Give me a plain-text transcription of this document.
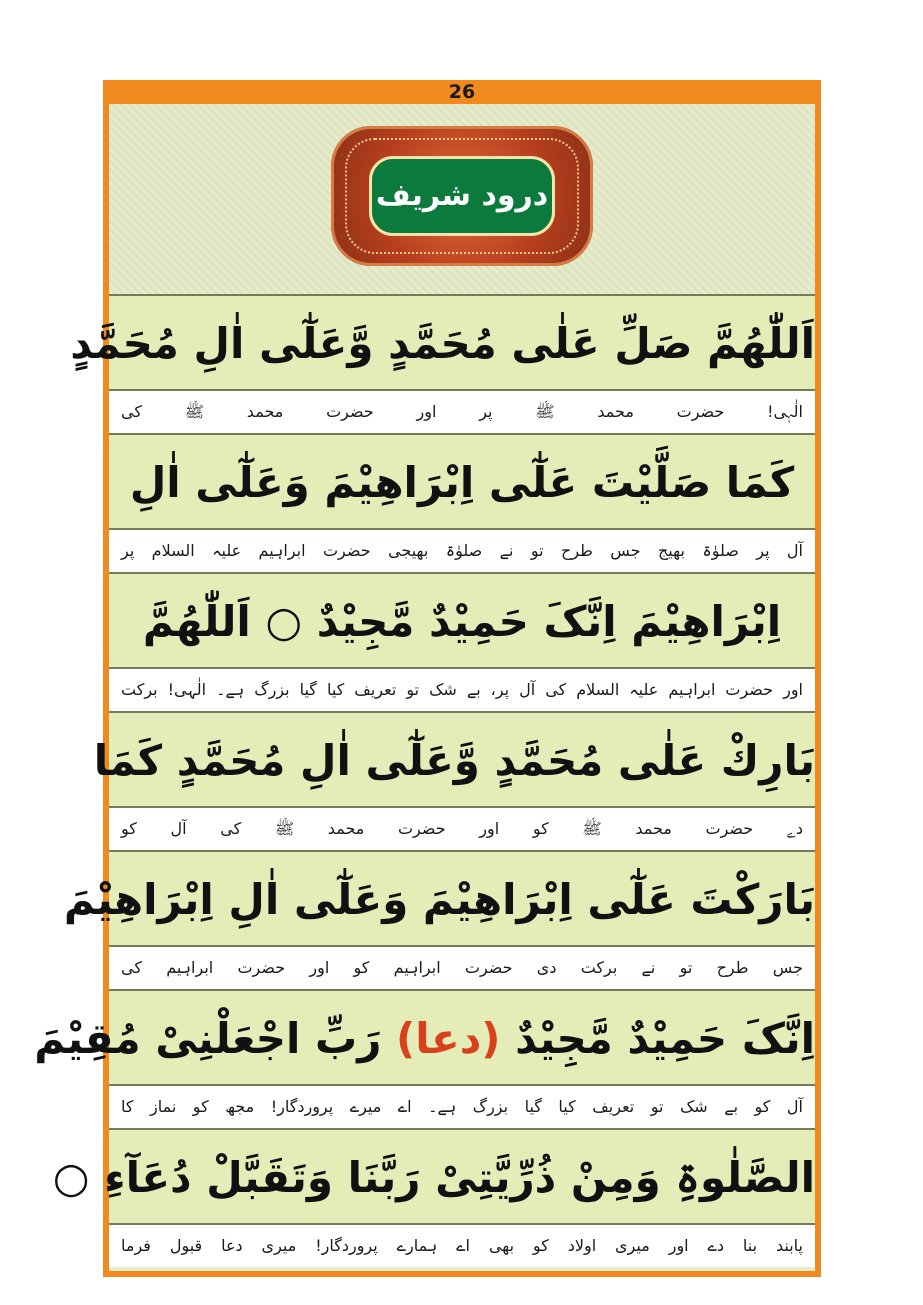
26
درود شریف
اَللّٰھُمَّ صَلِّ عَلٰی مُحَمَّدٍ وَّعَلٰٓی اٰلِ مُحَمَّدٍ
الٰہی! حضرت محمد ﷺ پر اور حضرت محمد ﷺ کی
کَمَا صَلَّیْتَ عَلٰٓی اِبْرَاھِیْمَ وَعَلٰٓی اٰلِ
آل پر صلوٰۃ بھیج جس طرح تو نے صلوٰۃ بھیجی حضرت ابراہیم علیہ السلام پر
اِبْرَاھِیْمَ اِنَّکَ حَمِیْدٌ مَّجِیْدٌ ○ اَللّٰھُمَّ
اور حضرت ابراہیم علیہ السلام کی آل پر، بے شک تو تعریف کیا گیا بزرگ ہے۔ الٰہی! برکت
بَارِكْ عَلٰی مُحَمَّدٍ وَّعَلٰٓی اٰلِ مُحَمَّدٍ كَمَا
دے حضرت محمد ﷺ کو اور حضرت محمد ﷺ کی آل کو
بَارَكْتَ عَلٰٓی اِبْرَاھِیْمَ وَعَلٰٓی اٰلِ اِبْرَاھِیْمَ
جس طرح تو نے برکت دی حضرت ابراہیم کو اور حضرت ابراہیم کی
اِنَّکَ حَمِیْدٌ مَّجِیْدٌ (دعا) رَبِّ اجْعَلْنِیْ مُقِیْمَ
آل کو بے شک تو تعریف کیا گیا بزرگ ہے۔ اے میرے پروردگار! مجھ کو نماز کا
الصَّلٰوۃِ وَمِنْ ذُرِّیَّتِیْ رَبَّنَا وَتَقَبَّلْ دُعَآءِ ○
پابند بنا دے اور میری اولاد کو بھی اے ہمارے پروردگار! میری دعا قبول فرما
